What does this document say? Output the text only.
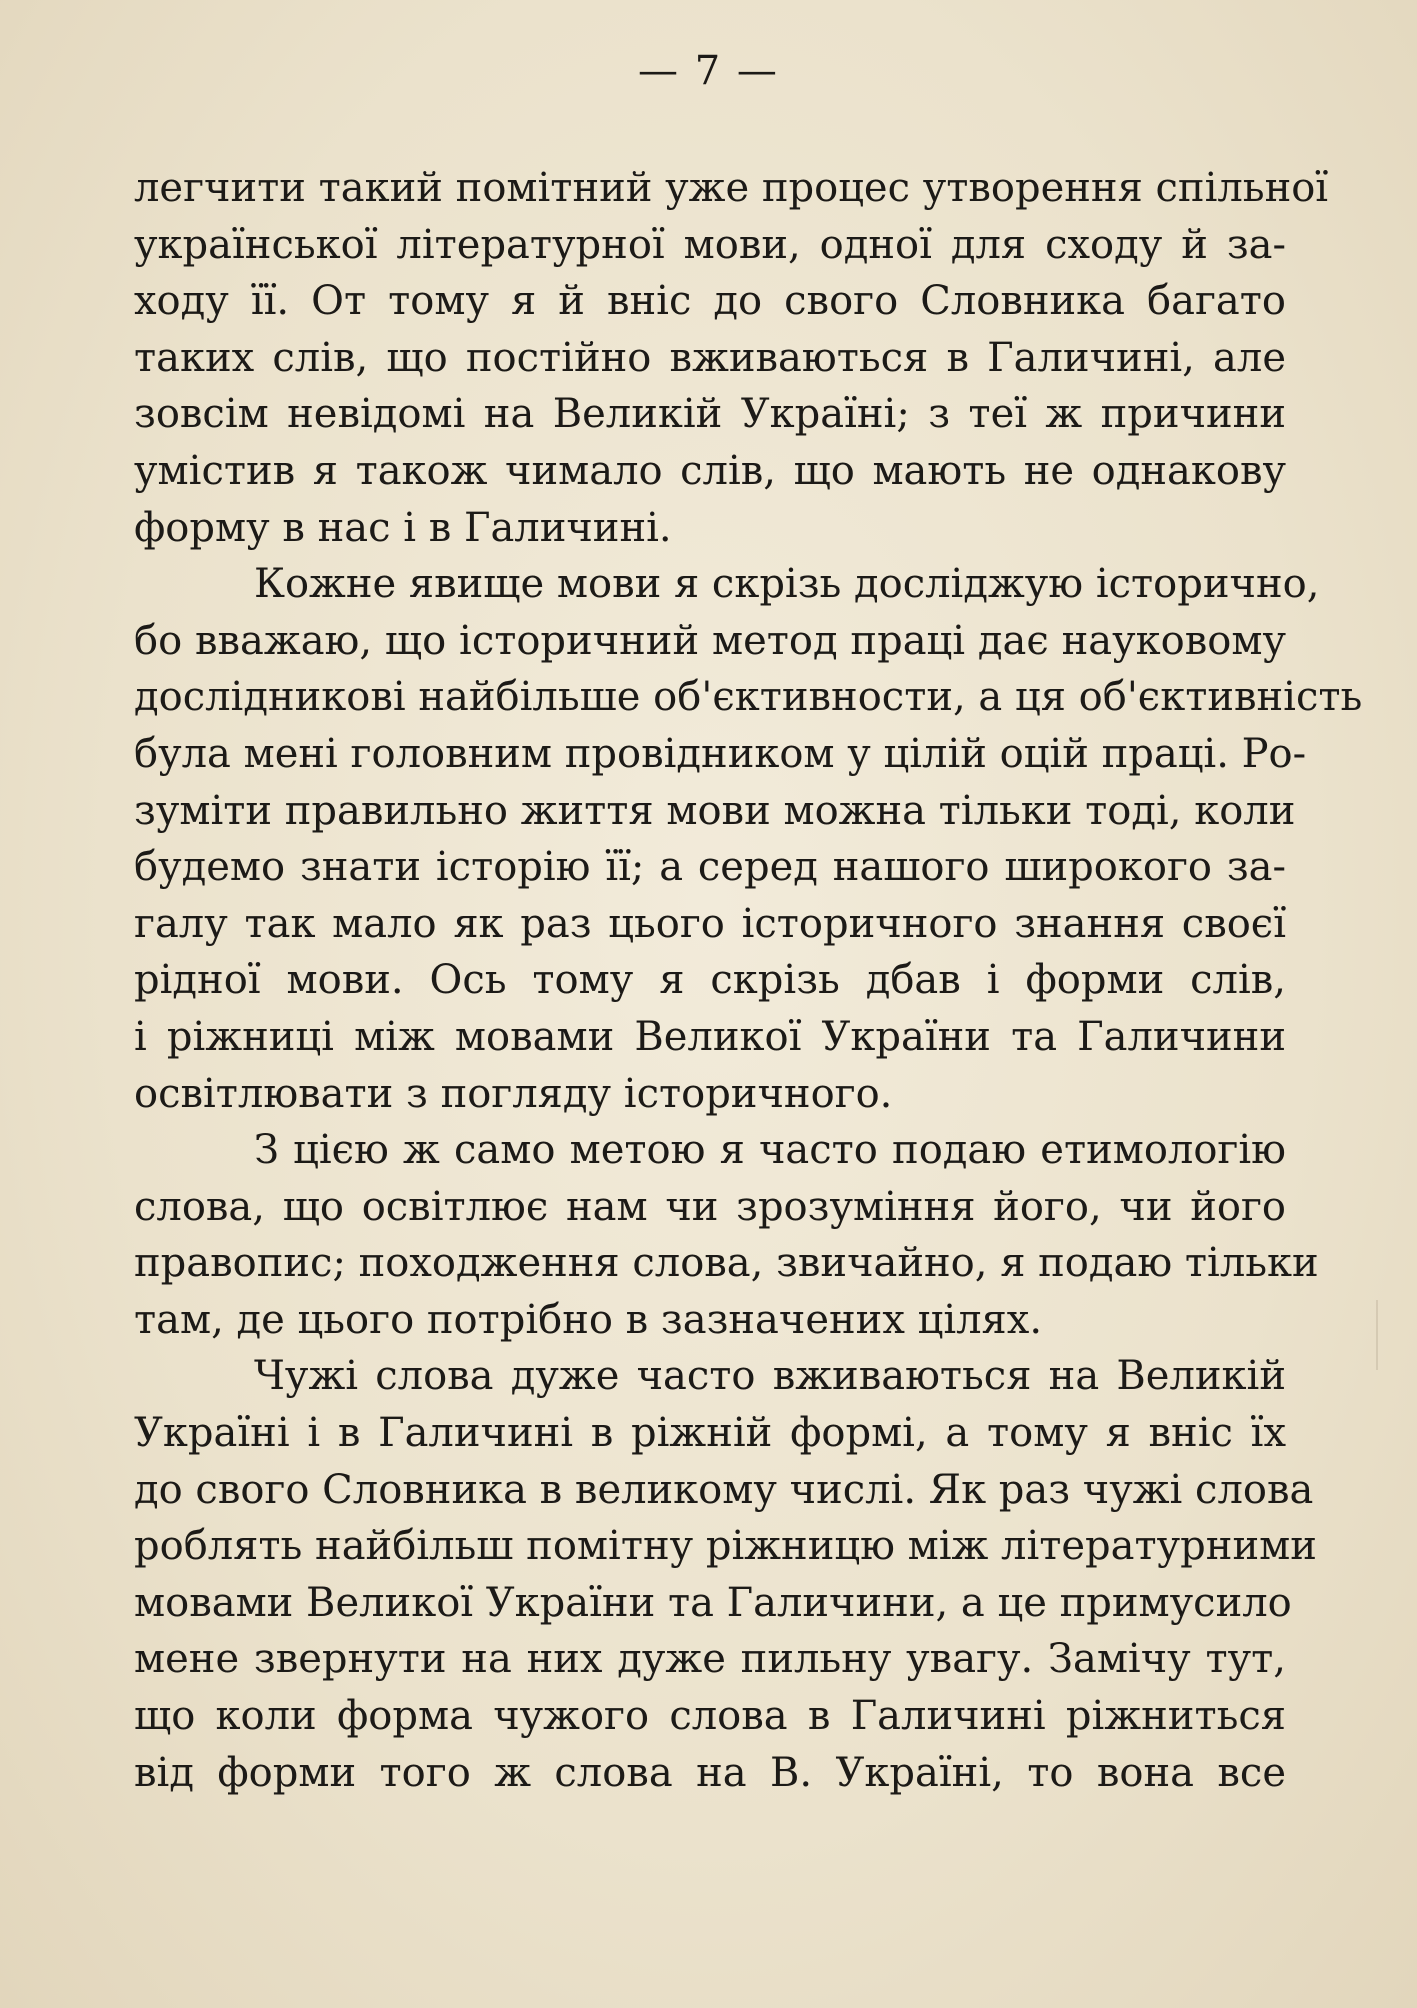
— 7 —
легчити такий помітний уже процес утворення спільної
української літературної мови, одної для сходу й за-
ходу її. От тому я й вніс до свого Словника багато
таких слів, що постійно вживаються в Галичині, але
зовсім невідомі на Великій Україні; з теї ж причини
умістив я також чимало слів, що мають не однакову
форму в нас і в Галичині.
Кожне явище мови я скрізь досліджую історично,
бо вважаю, що історичний метод праці дає науковому
дослідникові найбільше об'єктивности, а ця об'єктивність
була мені головним провідником у цілій оцій праці. Ро-
зуміти правильно життя мови можна тільки тоді, коли
будемо знати історію її; а серед нашого широкого за-
галу так мало як раз цього історичного знання своєї
рідної мови. Ось тому я скрізь дбав і форми слів,
і ріжниці між мовами Великої України та Галичини
освітлювати з погляду історичного.
З цією ж само метою я часто подаю етимологію
слова, що освітлює нам чи зрозуміння його, чи його
правопис; походження слова, звичайно, я подаю тільки
там, де цього потрібно в зазначених цілях.
Чужі слова дуже часто вживаються на Великій
Україні і в Галичині в ріжній формі, а тому я вніс їх
до свого Словника в великому числі. Як раз чужі слова
роблять найбільш помітну ріжницю між літературними
мовами Великої України та Галичини, а це примусило
мене звернути на них дуже пильну увагу. Замічу тут,
що коли форма чужого слова в Галичині ріжниться
від форми того ж слова на В. Україні, то вона все
